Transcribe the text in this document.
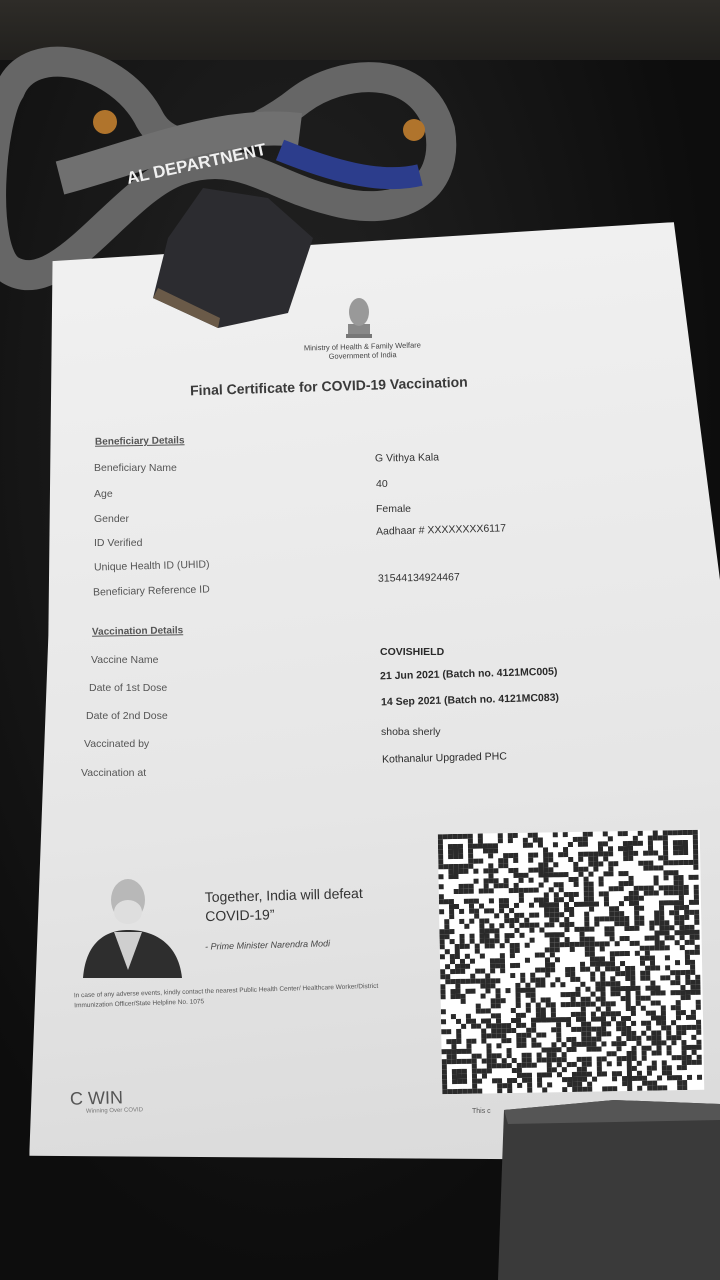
AL DEPARTNENT
Ministry of Health & Family Welfare
Government of India
Final Certificate for COVID-19 Vaccination
Beneficiary Details
Beneficiary Name
Age
Gender
ID Verified
Unique Health ID (UHID)
Beneficiary Reference ID
G Vithya Kala
40
Female
Aadhaar # XXXXXXXX6117
31544134924467
Vaccination Details
Vaccine Name
Date of 1st Dose
Date of 2nd Dose
Vaccinated by
Vaccination at
COVISHIELD
21 Jun 2021 (Batch no. 4121MC005)
14 Sep 2021 (Batch no. 4121MC083)
shoba sherly
Kothanalur Upgraded PHC
Together, India will defeat
COVID-19”
- Prime Minister Narendra Modi
In case of any adverse events, kindly contact the nearest Public Health Center/ Healthcare Worker/District Immunization Officer/State Helpline No. 1075
C WIN
Winning Over COVID	This c
